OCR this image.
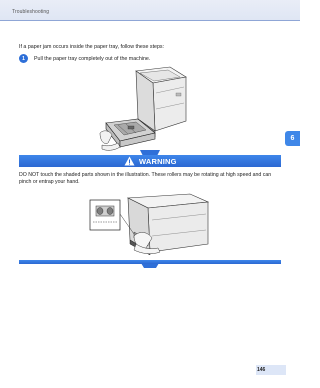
Troubleshooting
6
If a paper jam occurs inside the paper tray, follow these steps:
1	Pull the paper tray completely out of the machine.
WARNING
DO NOT touch the shaded parts shown in the illustration. These rollers may be rotating at high speed and can pinch or entrap your hand.
146
